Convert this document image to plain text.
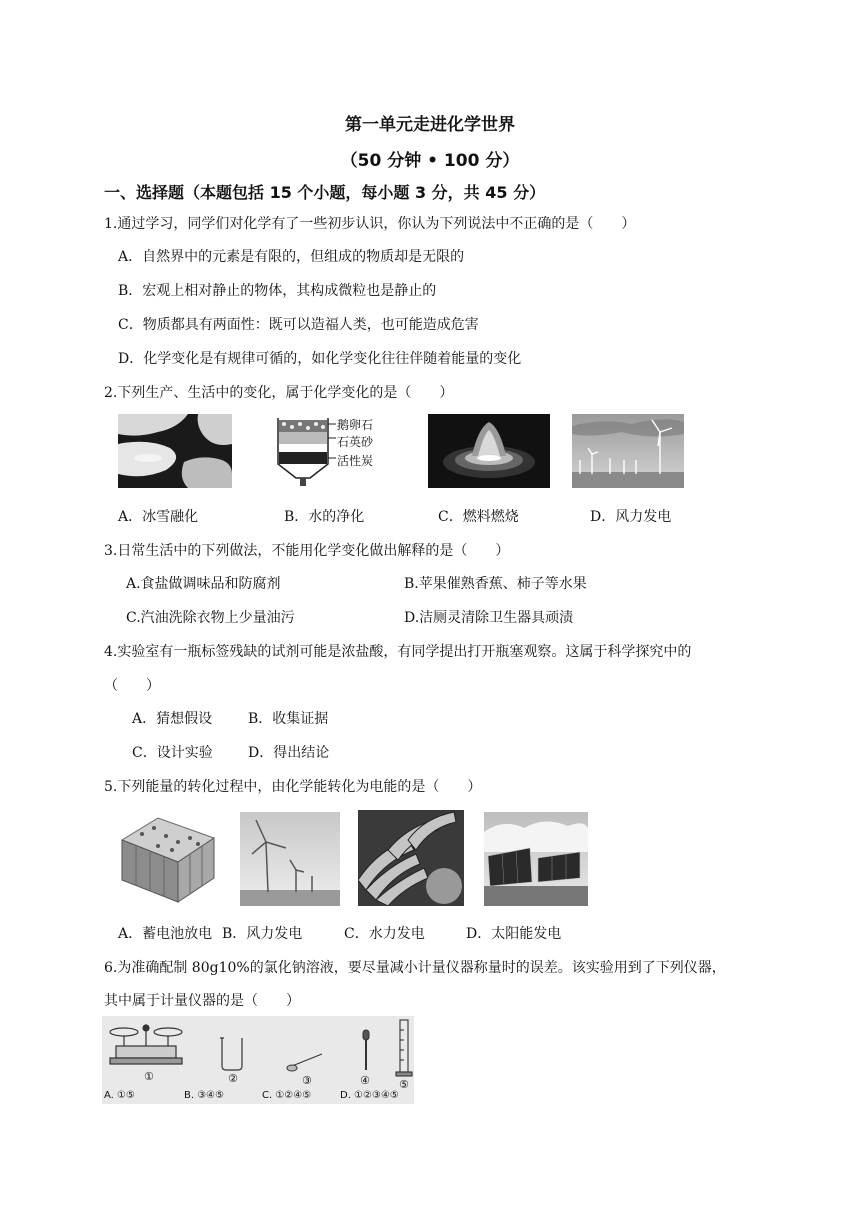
第一单元走进化学世界
（50 分钟 • 100 分）
一、选择题（本题包括 15 个小题，每小题 3 分，共 45 分）
1.通过学习，同学们对化学有了一些初步认识，你认为下列说法中不正确的是（　　）
A．自然界中的元素是有限的，但组成的物质却是无限的
B．宏观上相对静止的物体，其构成微粒也是静止的
C．物质都具有两面性：既可以造福人类，也可能造成危害
D．化学变化是有规律可循的，如化学变化往往伴随着能量的变化
2.下列生产、生活中的变化，属于化学变化的是（　　）
鹅卵石
石英砂
活性炭
A．冰雪融化	B．水的净化	C．燃料燃烧	D．风力发电
3.日常生活中的下列做法，不能用化学变化做出解释的是（　　）
A.食盐做调味品和防腐剂	B.苹果催熟香蕉、柿子等水果
C.汽油洗除衣物上少量油污	D.洁厕灵清除卫生器具顽渍
4.实验室有一瓶标签残缺的试剂可能是浓盐酸，有同学提出打开瓶塞观察。这属于科学探究中的
（　　）
A．猜想假设	B．收集证据
C．设计实验	D．得出结论
5.下列能量的转化过程中，由化学能转化为电能的是（　　）
A．蓄电池放电 B．风力发电	C．水力发电	D．太阳能发电
6.为准确配制 80g10%的氯化钠溶液，要尽量减小计量仪器称量时的误差。该实验用到了下列仪器，
其中属于计量仪器的是（　　）
①	②	③	④	⑤
A. ①⑤	B. ③④⑤	C. ①②④⑤	D. ①②③④⑤
